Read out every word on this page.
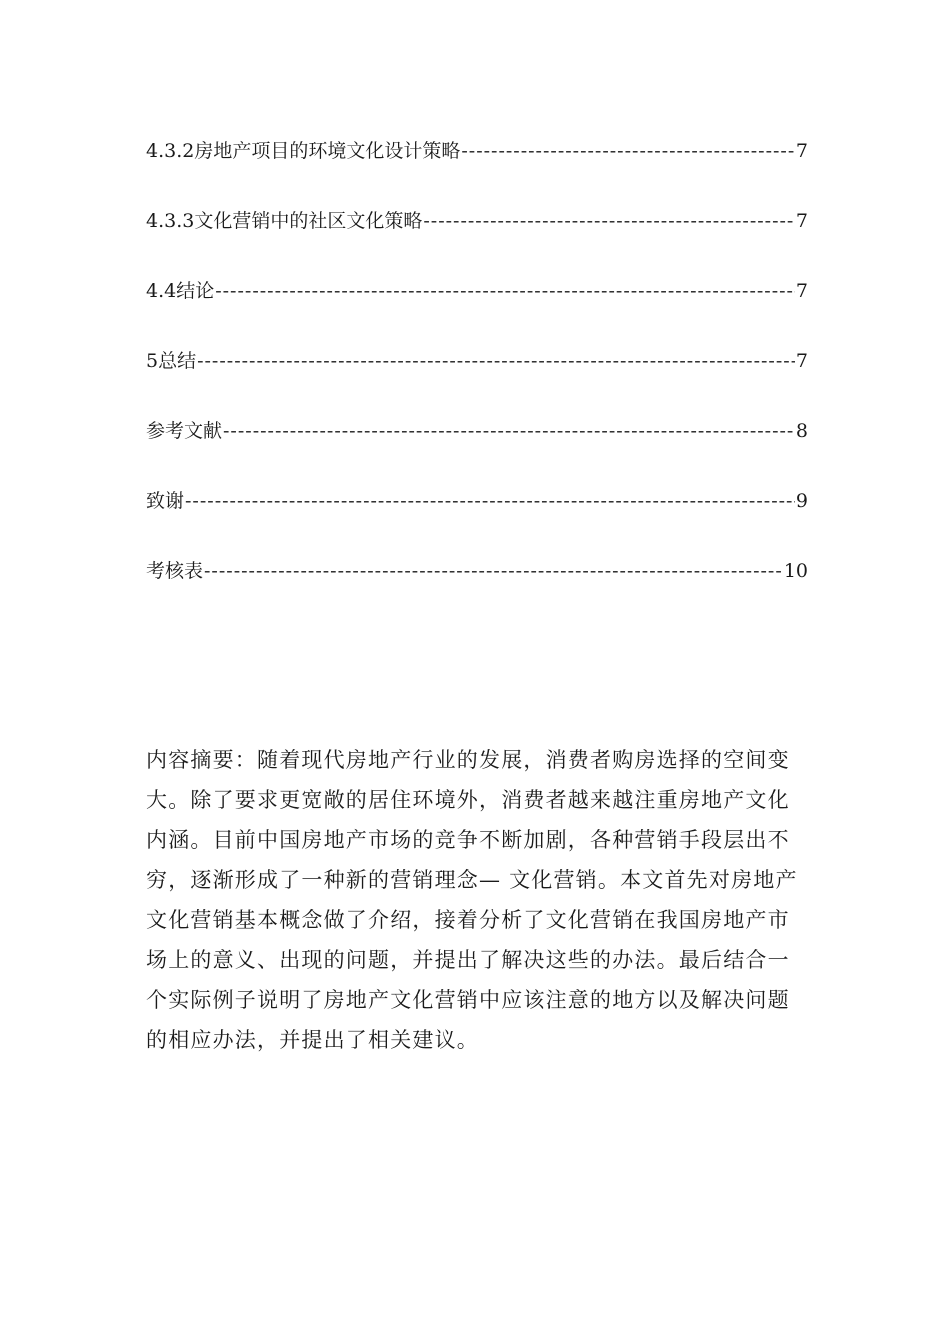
4.3.2房地产项目的环境文化设计策略 -----	7
4.3.3文化营销中的社区文化策略 -----	7
4.4结论 -----	7
5总结 -----	7
参考文献 -----	8
致谢 -----	9
考核表 -----	10
内容摘要：随着现代房地产行业的发展，消费者购房选择的空间变
大。除了要求更宽敞的居住环境外，消费者越来越注重房地产文化
内涵。目前中国房地产市场的竞争不断加剧，各种营销手段层出不
穷，逐渐形成了一种新的营销理念— 文化营销。本文首先对房地产
文化营销基本概念做了介绍，接着分析了文化营销在我国房地产市
场上的意义、出现的问题，并提出了解决这些的办法。最后结合一
个实际例子说明了房地产文化营销中应该注意的地方以及解决问题
的相应办法，并提出了相关建议。
